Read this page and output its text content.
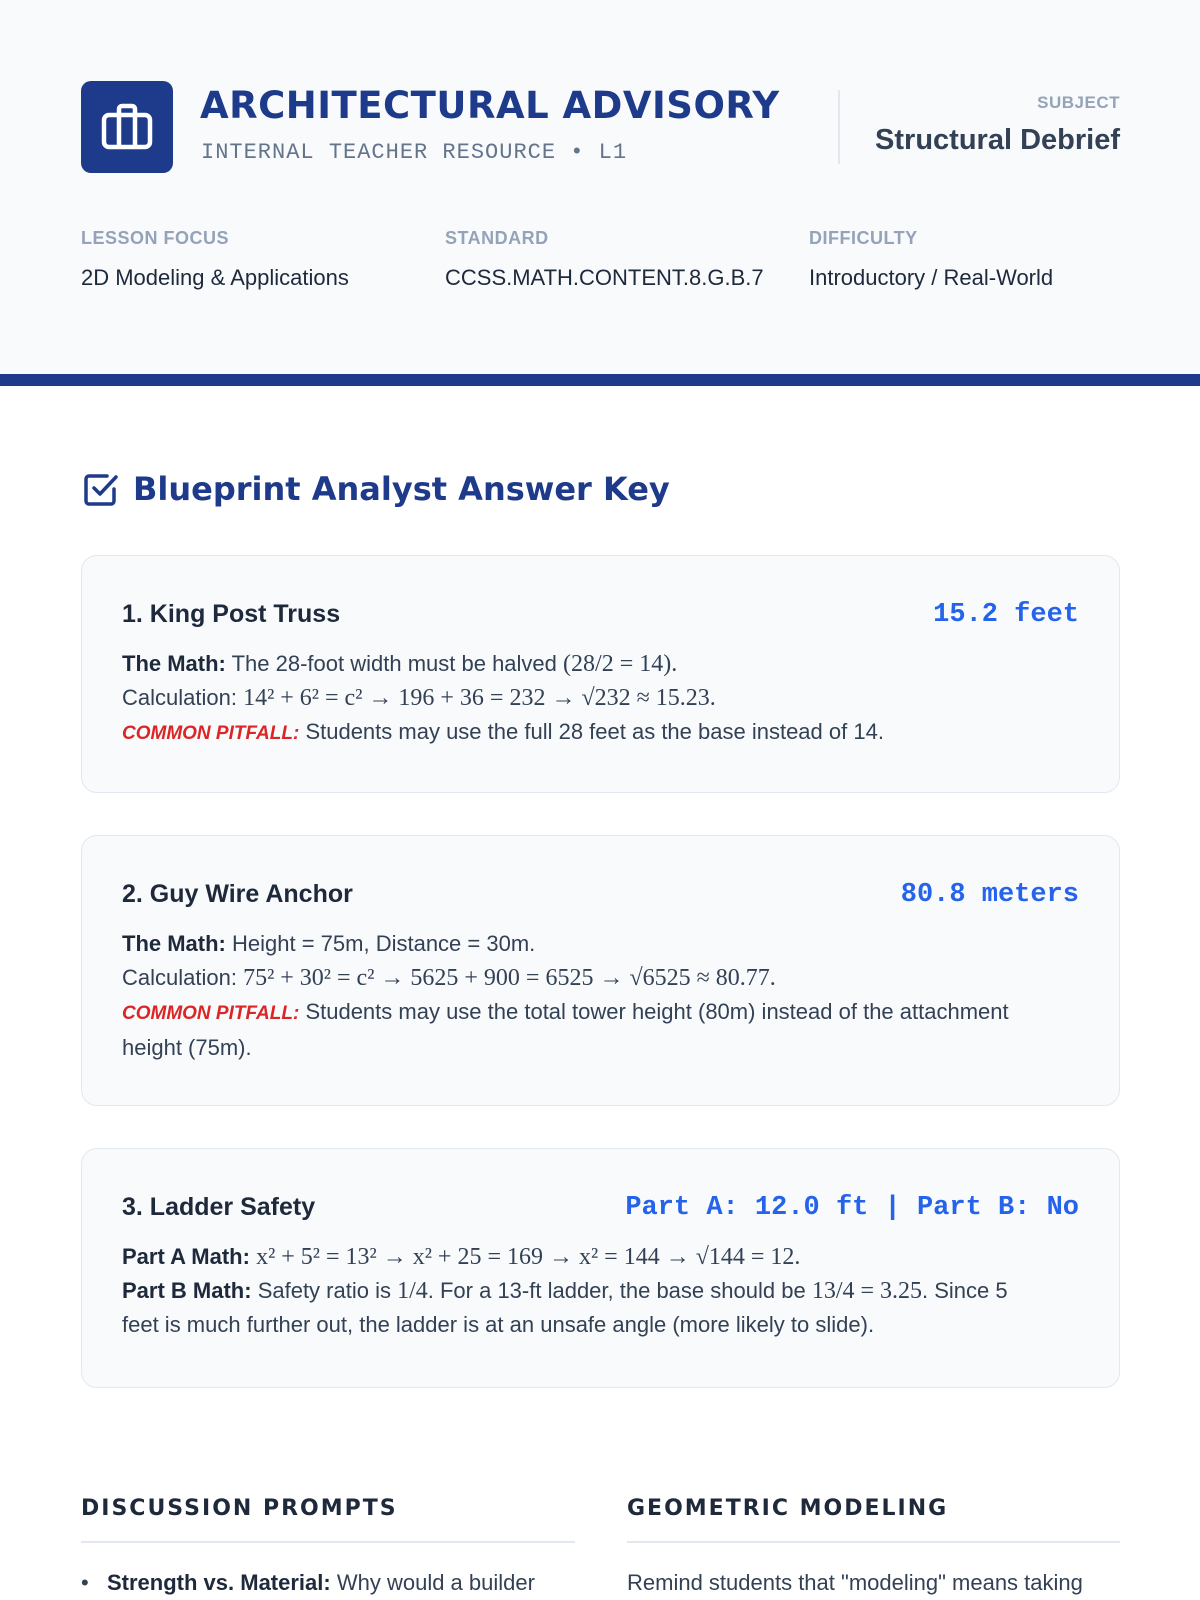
ARCHITECTURAL ADVISORY
INTERNAL TEACHER RESOURCE • L1
SUBJECT
Structural Debrief
LESSON FOCUS
2D Modeling & Applications
STANDARD
CCSS.MATH.CONTENT.8.G.B.7
DIFFICULTY
Introductory / Real-World
Blueprint Analyst Answer Key
1. King Post Truss	15.2 feet
The Math: The 28-foot width must be halved (28/2 = 14).
Calculation: 14² + 6² = c² → 196 + 36 = 232 → √232 ≈ 15.23.
COMMON PITFALL: Students may use the full 28 feet as the base instead of 14.
2. Guy Wire Anchor	80.8 meters
The Math: Height = 75m, Distance = 30m.
Calculation: 75² + 30² = c² → 5625 + 900 = 6525 → √6525 ≈ 80.77.
COMMON PITFALL: Students may use the total tower height (80m) instead of the attachment
height (75m).
3. Ladder Safety	Part A: 12.0 ft | Part B: No
Part A Math: x² + 5² = 13² → x² + 25 = 169 → x² = 144 → √144 = 12.
Part B Math: Safety ratio is 1/4. For a 13-ft ladder, the base should be 13/4 = 3.25. Since 5
feet is much further out, the ladder is at an unsafe angle (more likely to slide).
DISCUSSION PROMPTS
• Strength vs. Material: Why would a builder
GEOMETRIC MODELING
Remind students that "modeling" means taking
